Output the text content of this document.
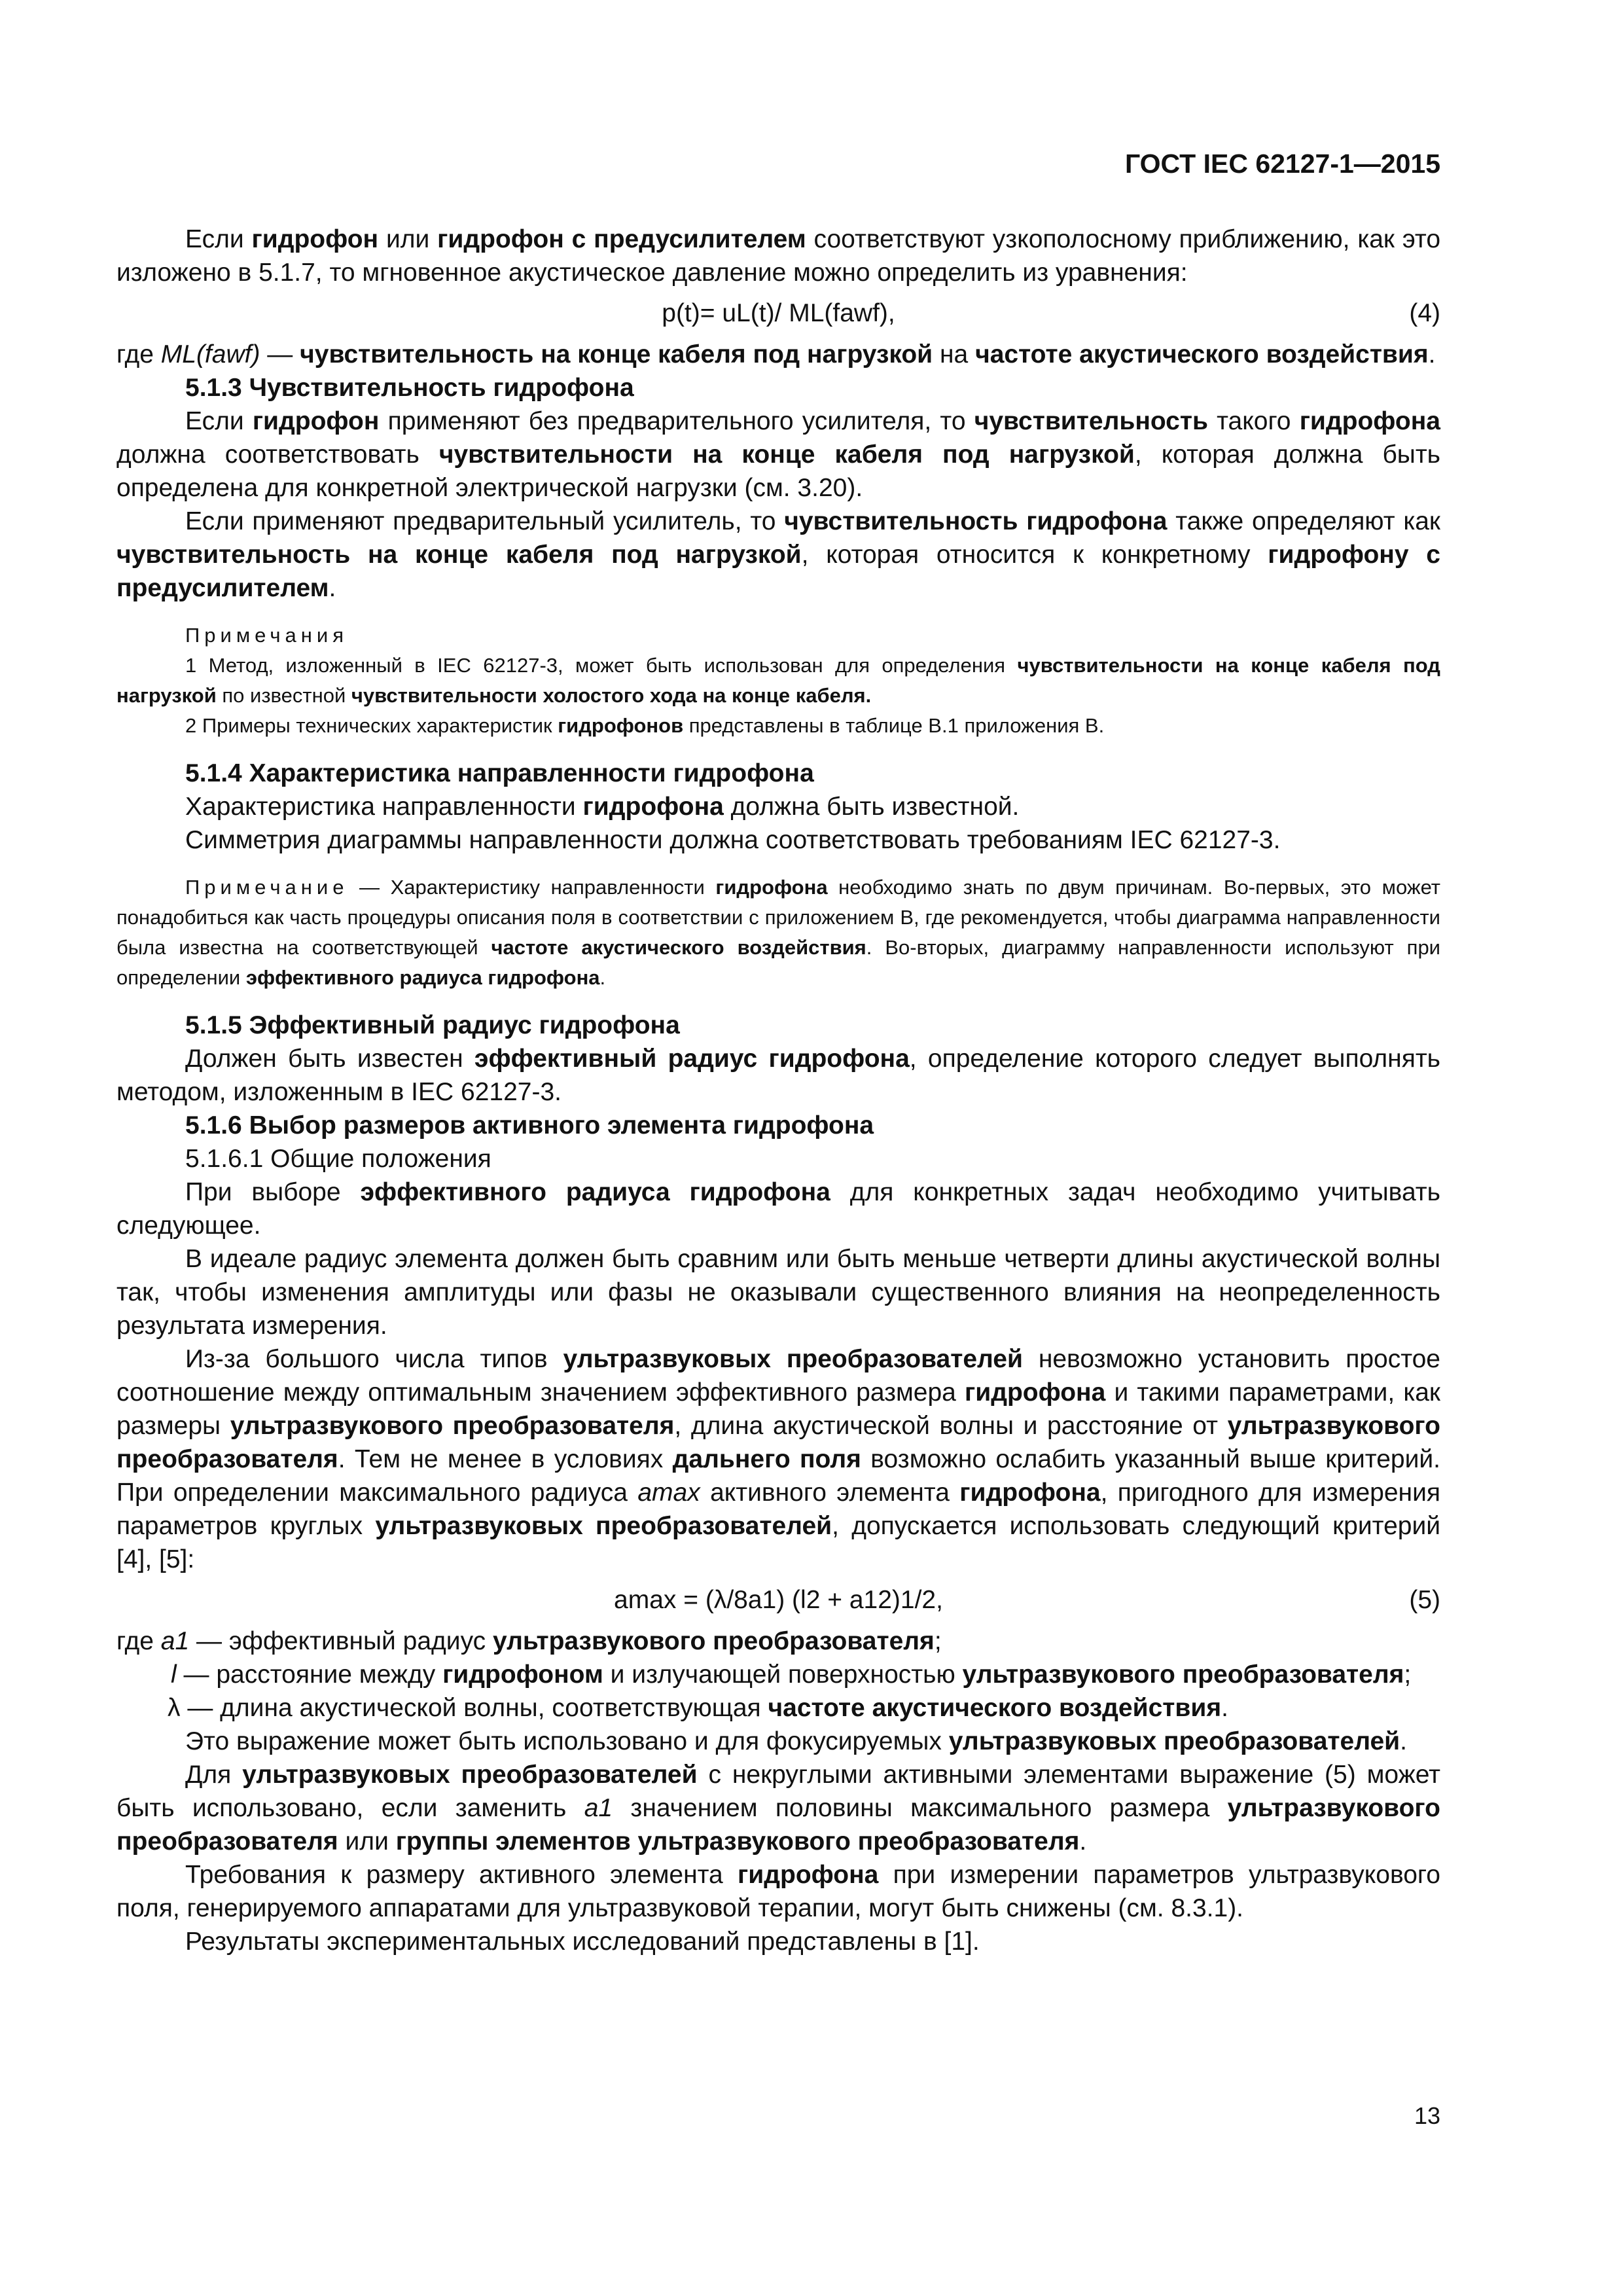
ГОСТ IEC 62127-1—2015

Если гидрофон или гидрофон с предусилителем соответствуют узкополосному приближению, как это изложено в 5.1.7, то мгновенное акустическое давление можно определить из уравнения:

p(t)= uL(t)/ ML(fawf),	(4)

где ML(fawf) — чувствительность на конце кабеля под нагрузкой на частоте акустического воздействия.

5.1.3 Чувствительность гидрофона

Если гидрофон применяют без предварительного усилителя, то чувствительность такого гидрофона должна соответствовать чувствительности на конце кабеля под нагрузкой, которая должна быть определена для конкретной электрической нагрузки (см. 3.20).

Если применяют предварительный усилитель, то чувствительность гидрофона также определяют как чувствительность на конце кабеля под нагрузкой, которая относится к конкретному гидрофону с предусилителем.

Примечания

1 Метод, изложенный в IEC 62127-3, может быть использован для определения чувствительности на конце кабеля под нагрузкой по известной чувствительности холостого хода на конце кабеля.

2 Примеры технических характеристик гидрофонов представлены в таблице В.1 приложения В.

5.1.4 Характеристика направленности гидрофона

Характеристика направленности гидрофона должна быть известной.

Симметрия диаграммы направленности должна соответствовать требованиям IEC 62127-3.

Примечание — Характеристику направленности гидрофона необходимо знать по двум причинам. Во-первых, это может понадобиться как часть процедуры описания поля в соответствии с приложением В, где рекомендуется, чтобы диаграмма направленности была известна на соответствующей частоте акустического воздействия. Во-вторых, диаграмму направленности используют при определении эффективного радиуса гидрофона.

5.1.5 Эффективный радиус гидрофона

Должен быть известен эффективный радиус гидрофона, определение которого следует выполнять методом, изложенным в IEC 62127-3.

5.1.6 Выбор размеров активного элемента гидрофона

5.1.6.1 Общие положения

При выборе эффективного радиуса гидрофона для конкретных задач необходимо учитывать следующее.

В идеале радиус элемента должен быть сравним или быть меньше четверти длины акустической волны так, чтобы изменения амплитуды или фазы не оказывали существенного влияния на неопределенность результата измерения.

Из-за большого числа типов ультразвуковых преобразователей невозможно установить простое соотношение между оптимальным значением эффективного размера гидрофона и такими параметрами, как размеры ультразвукового преобразователя, длина акустической волны и расстояние от ультразвукового преобразователя. Тем не менее в условиях дальнего поля возможно ослабить указанный выше критерий. При определении максимального радиуса amax активного элемента гидрофона, пригодного для измерения параметров круглых ультразвуковых преобразователей, допускается использовать следующий критерий [4], [5]:

amax = (λ/8a1) (l2 + a12)1/2,	(5)

где a1 — эффективный радиус ультразвукового преобразователя;

l — расстояние между гидрофоном и излучающей поверхностью ультразвукового преобразователя;

λ — длина акустической волны, соответствующая частоте акустического воздействия.

Это выражение может быть использовано и для фокусируемых ультразвуковых преобразователей.

Для ультразвуковых преобразователей с некруглыми активными элементами выражение (5) может быть использовано, если заменить a1 значением половины максимального размера ультразвукового преобразователя или группы элементов ультразвукового преобразователя.

Требования к размеру активного элемента гидрофона при измерении параметров ультразвукового поля, генерируемого аппаратами для ультразвуковой терапии, могут быть снижены (см. 8.3.1).

Результаты экспериментальных исследований представлены в [1].

13
